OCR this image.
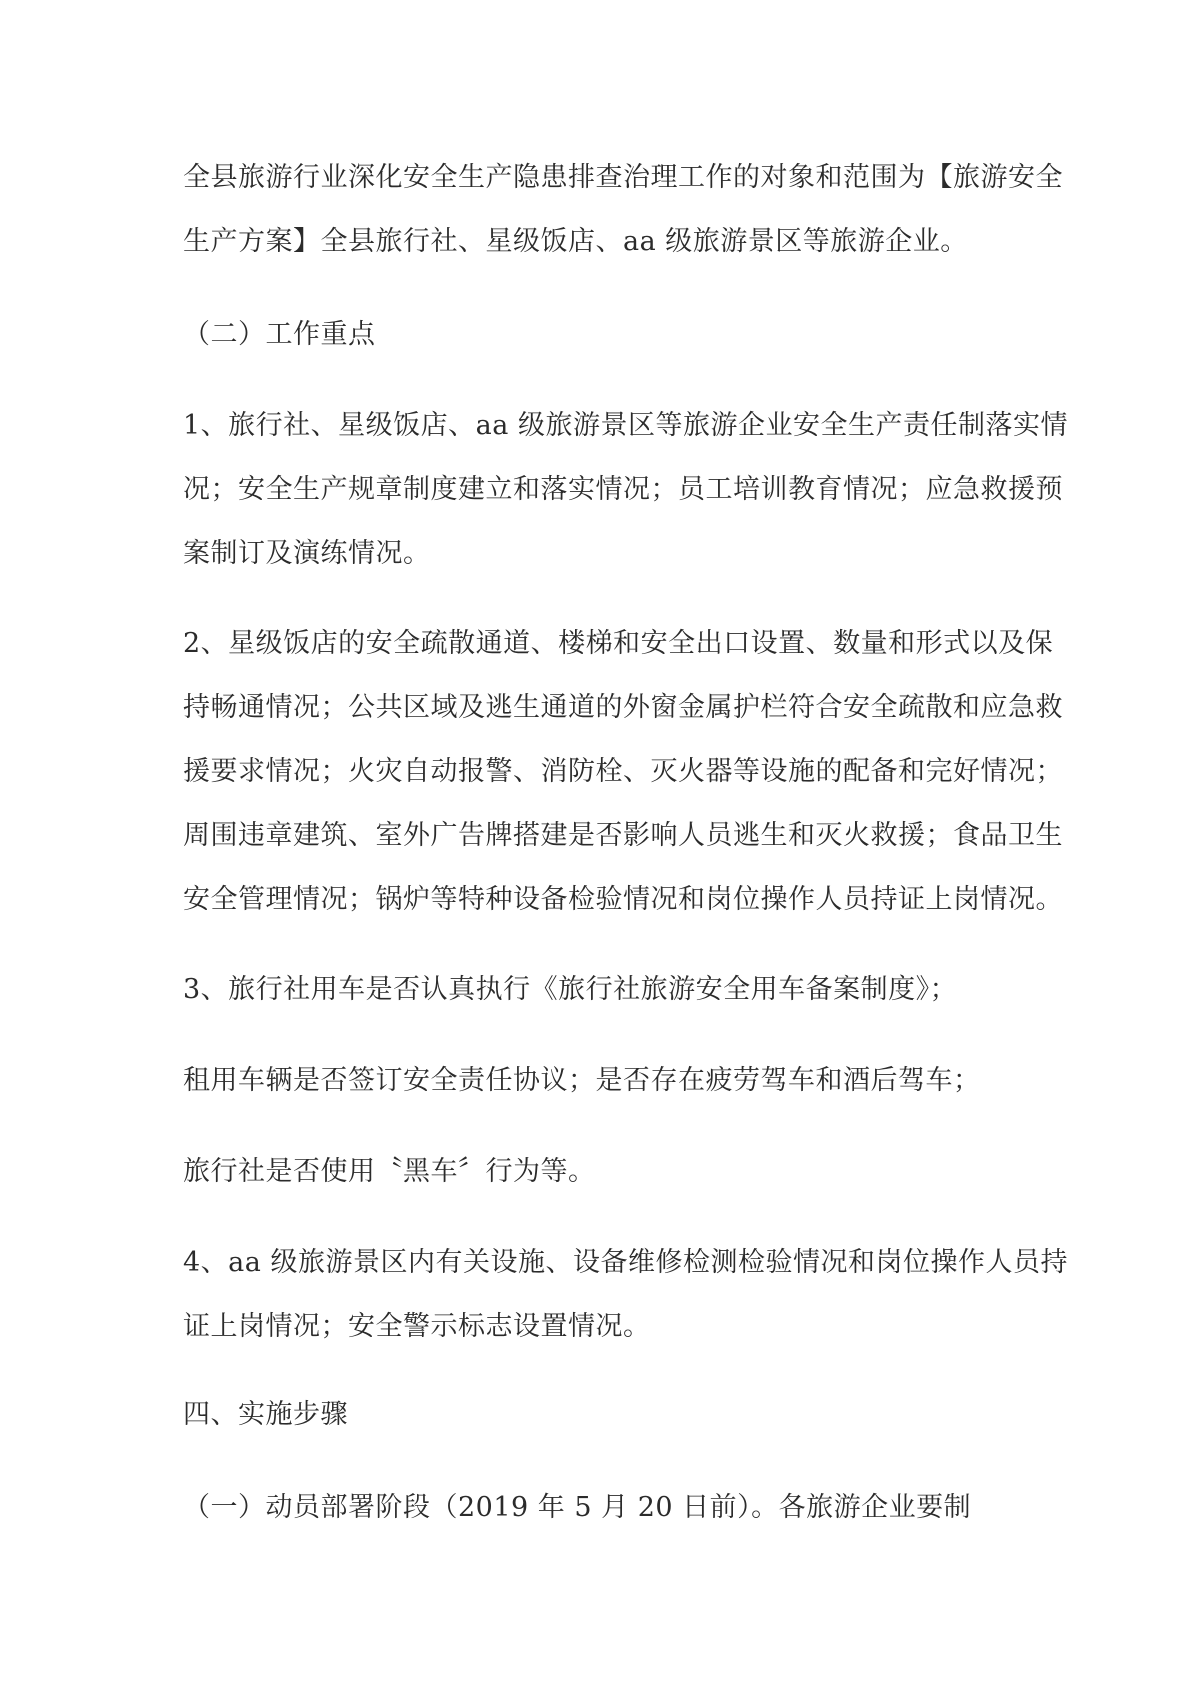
全县旅游行业深化安全生产隐患排查治理工作的对象和范围为【旅游安全
生产方案】全县旅行社、星级饭店、aa 级旅游景区等旅游企业。

（二）工作重点

1、旅行社、星级饭店、aa 级旅游景区等旅游企业安全生产责任制落实情
况；安全生产规章制度建立和落实情况；员工培训教育情况；应急救援预
案制订及演练情况。

2、星级饭店的安全疏散通道、楼梯和安全出口设置、数量和形式以及保
持畅通情况；公共区域及逃生通道的外窗金属护栏符合安全疏散和应急救
援要求情况；火灾自动报警、消防栓、灭火器等设施的配备和完好情况；
周围违章建筑、室外广告牌搭建是否影响人员逃生和灭火救援；食品卫生
安全管理情况；锅炉等特种设备检验情况和岗位操作人员持证上岗情况。

3、旅行社用车是否认真执行《旅行社旅游安全用车备案制度》；

租用车辆是否签订安全责任协议；是否存在疲劳驾车和酒后驾车；

旅行社是否使用〝黑车〞行为等。

4、aa 级旅游景区内有关设施、设备维修检测检验情况和岗位操作人员持
证上岗情况；安全警示标志设置情况。

四、实施步骤

（一）动员部署阶段（2019 年 5 月 20 日前）。各旅游企业要制
